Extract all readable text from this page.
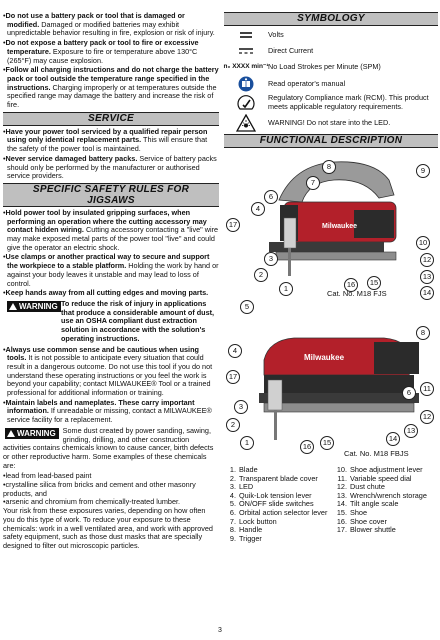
•Do not use a battery pack or tool that is damaged or modified. Damaged or modified batteries may exhibit unpredictable behavior resulting in fire, explosion or risk of injury.
•Do not expose a battery pack or tool to fire or excessive temperature. Exposure to fire or temperature above 130°C (265°F) may cause explosion.
•Follow all charging instructions and do not charge the battery pack or tool outside the temperature range specified in the instructions. Charging improperly or at temperatures outside the specified range may damage the battery and increase the risk of fire.
SERVICE
•Have your power tool serviced by a qualified repair person using only identical replacement parts. This will ensure that the safety of the power tool is maintained.
•Never service damaged battery packs. Service of battery packs should only be performed by the manufacturer or authorised service providers.
SPECIFIC SAFETY RULES FOR
JIGSAWS
•Hold power tool by insulated gripping surfaces, when performing an operation where the cutting accessory may contact hidden wiring. Cutting accessory contacting a "live" wire may make exposed metal parts of the power tool "live" and could give the operator an electric shock.
•Use clamps or another practical way to secure and support the workpiece to a stable platform. Holding the work by hand or against your body leaves it unstable and may lead to loss of control.
•Keep hands away from all cutting edges and moving parts.
WARNING To reduce the risk of injury in applications that produce a considerable amount of dust, use an OSHA compliant dust extraction solution in accordance with the solution's operating instructions.
•Always use common sense and be cautious when using tools. It is not possible to anticipate every situation that could result in a dangerous outcome. Do not use this tool if you do not understand these operating instructions or you feel the work is beyond your capability; contact MILWAUKEE® Tool or a trained professional for additional information or training.
•Maintain labels and nameplates. These carry important information. If unreadable or missing, contact a MILWAUKEE® service facility for a replacement.
WARNING Some dust created by power sanding, sawing, grinding, drilling, and other construction activities contains chemicals known to cause cancer, birth defects or other reproductive harm. Some examples of these chemicals are:
•lead from lead-based paint
•crystalline silica from bricks and cement and other masonry products, and
•arsenic and chromium from chemically-treated lumber.
Your risk from these exposures varies, depending on how often you do this type of work. To reduce your exposure to these chemicals: work in a well ventilated area, and work with approved safety equipment, such as those dust masks that are specially designed to filter out microscopic particles.
SYMBOLOGY
Volts
Direct Current
n₀ XXXX min⁻¹ No Load Strokes per Minute (SPM)
Read operator's manual
Regulatory Compliance mark (RCM). This product meets applicable regulatory requirements.
WARNING! Do not stare into the LED.
FUNCTIONAL DESCRIPTION
Milwaukee
8	9
7
6
4
17
10
12
3
13
2
16	15
14
1
Cat. No. M18 FJS
Milwaukee
5
8
4
17
11
6
12
3
13
2
14
1	16	15
Cat. No. M18 FBJS
1. Blade
2. Transparent blade cover
3. LED
4. Quik-Lok tension lever
5. ON/OFF slide switches
6. Orbital action selector lever
7. Lock button
8. Handle
9. Trigger
10. Shoe adjustment lever
11. Variable speed dial
12. Dust chute
13. Wrench/wrench storage
14. Tilt angle scale
15. Shoe
16. Shoe cover
17. Blower shuttle
3
